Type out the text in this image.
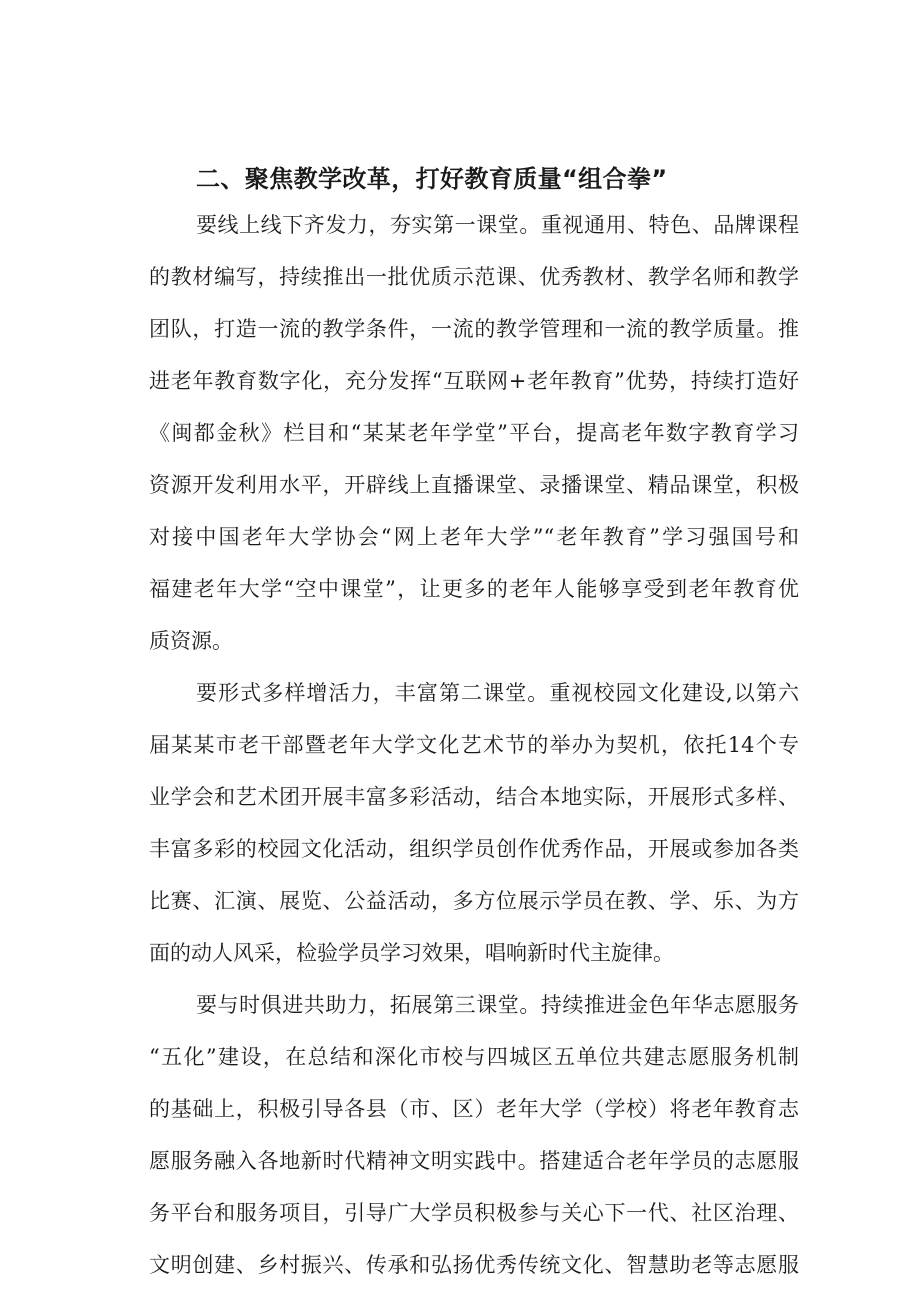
二、聚焦教学改革，打好教育质量“组合拳”

要线上线下齐发力，夯实第一课堂。重视通用、特色、品牌课程

的教材编写，持续推出一批优质示范课、优秀教材、教学名师和教学

团队，打造一流的教学条件，一流的教学管理和一流的教学质量。推

进老年教育数字化，充分发挥“互联网+老年教育”优势，持续打造好

《闽都金秋》栏目和“某某老年学堂”平台，提高老年数字教育学习

资源开发利用水平，开辟线上直播课堂、录播课堂、精品课堂，积极

对接中国老年大学协会“网上老年大学”“老年教育”学习强国号和

福建老年大学“空中课堂”，让更多的老年人能够享受到老年教育优

质资源。

要形式多样增活力，丰富第二课堂。重视校园文化建设,以第六

届某某市老干部暨老年大学文化艺术节的举办为契机，依托14个专

业学会和艺术团开展丰富多彩活动，结合本地实际，开展形式多样、

丰富多彩的校园文化活动，组织学员创作优秀作品，开展或参加各类

比赛、汇演、展览、公益活动，多方位展示学员在教、学、乐、为方

面的动人风采，检验学员学习效果，唱响新时代主旋律。

要与时俱进共助力，拓展第三课堂。持续推进金色年华志愿服务

“五化”建设，在总结和深化市校与四城区五单位共建志愿服务机制

的基础上，积极引导各县（市、区）老年大学（学校）将老年教育志

愿服务融入各地新时代精神文明实践中。搭建适合老年学员的志愿服

务平台和服务项目，引导广大学员积极参与关心下一代、社区治理、

文明创建、乡村振兴、传承和弘扬优秀传统文化、智慧助老等志愿服
